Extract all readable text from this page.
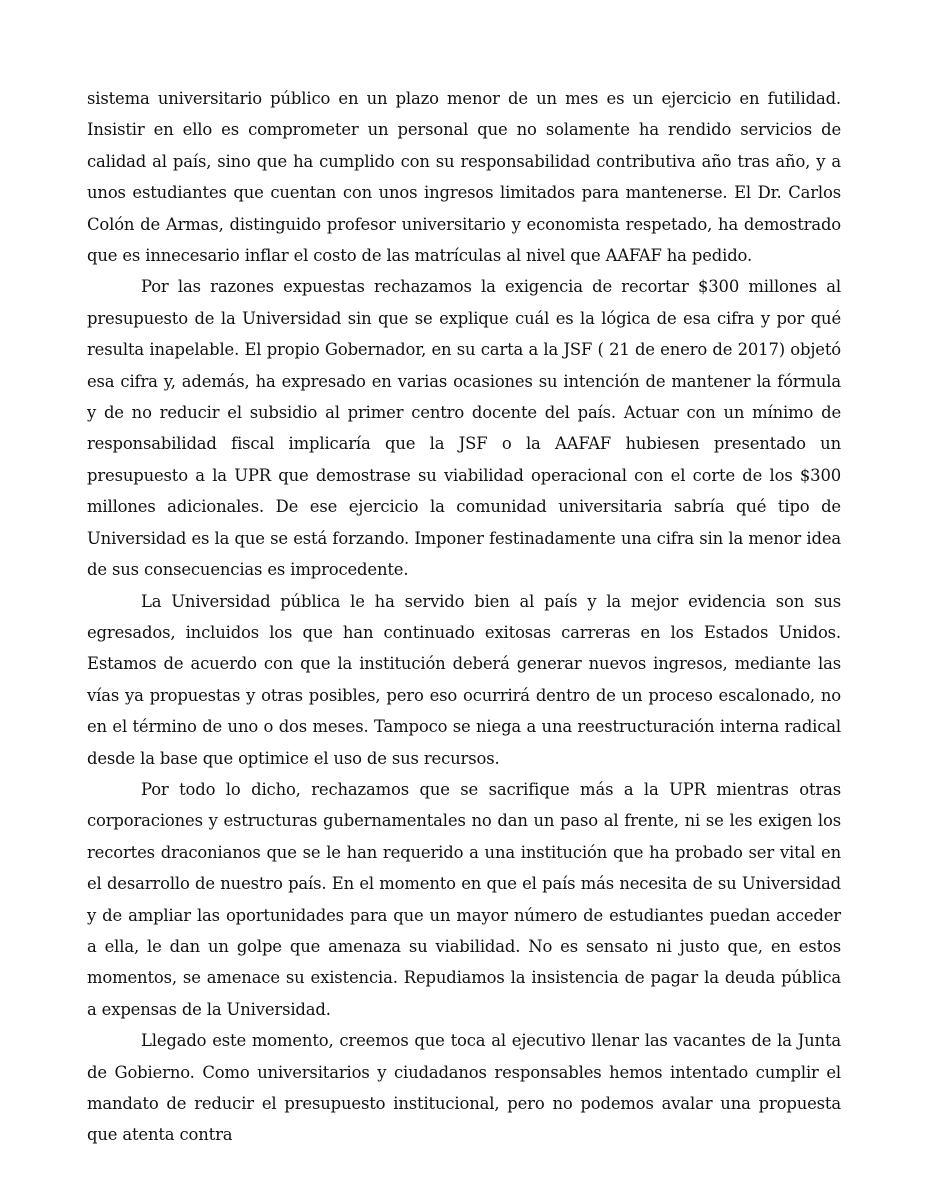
sistema universitario público en un plazo menor de un mes es un ejercicio en futilidad. Insistir en ello es comprometer un personal que no solamente ha rendido servicios de calidad al país, sino que ha cumplido con su responsabilidad contributiva año tras año, y a unos estudiantes que cuentan con unos ingresos limitados para mantenerse. El Dr. Carlos Colón de Armas, distinguido profesor universitario y economista respetado, ha demostrado que es innecesario inflar el costo de las matrículas al nivel que AAFAF ha pedido.

Por las razones expuestas rechazamos la exigencia de recortar $300 millones al presupuesto de la Universidad sin que se explique cuál es la lógica de esa cifra y por qué resulta inapelable. El propio Gobernador, en su carta a la JSF ( 21 de enero de 2017) objetó esa cifra y, además, ha expresado en varias ocasiones su intención de mantener la fórmula y de no reducir el subsidio al primer centro docente del país. Actuar con un mínimo de responsabilidad fiscal implicaría que la JSF o la AAFAF hubiesen presentado un presupuesto a la UPR que demostrase su viabilidad operacional con el corte de los $300 millones adicionales. De ese ejercicio la comunidad universitaria sabría qué tipo de Universidad es la que se está forzando. Imponer festinadamente una cifra sin la menor idea de sus consecuencias es improcedente.

La Universidad pública le ha servido bien al país y la mejor evidencia son sus egresados, incluidos los que han continuado exitosas carreras en los Estados Unidos. Estamos de acuerdo con que la institución deberá generar nuevos ingresos, mediante las vías ya propuestas y otras posibles, pero eso ocurrirá dentro de un proceso escalonado, no en el término de uno o dos meses. Tampoco se niega a una reestructuración interna radical desde la base que optimice el uso de sus recursos.

Por todo lo dicho, rechazamos que se sacrifique más a la UPR mientras otras corporaciones y estructuras gubernamentales no dan un paso al frente, ni se les exigen los recortes draconianos que se le han requerido a una institución que ha probado ser vital en el desarrollo de nuestro país. En el momento en que el país más necesita de su Universidad y de ampliar las oportunidades para que un mayor número de estudiantes puedan acceder a ella, le dan un golpe que amenaza su viabilidad. No es sensato ni justo que, en estos momentos, se amenace su existencia. Repudiamos la insistencia de pagar la deuda pública a expensas de la Universidad.

Llegado este momento, creemos que toca al ejecutivo llenar las vacantes de la Junta de Gobierno. Como universitarios y ciudadanos responsables hemos intentado cumplir el mandato de reducir el presupuesto institucional, pero no podemos avalar una propuesta que atenta contra
